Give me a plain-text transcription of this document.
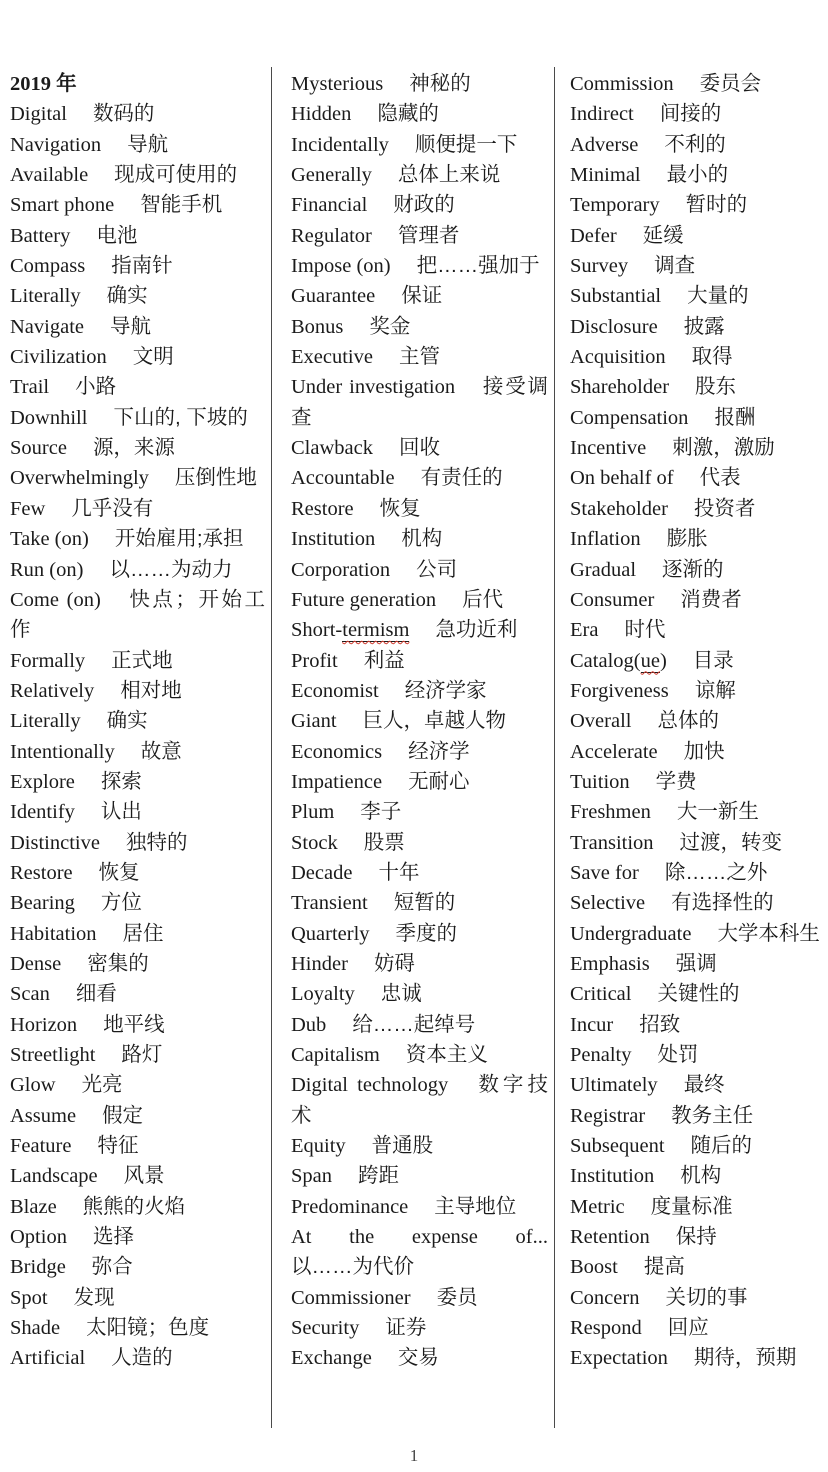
2019 年
Digital 数码的
Navigation 导航
Available 现成可使用的
Smart phone 智能手机
Battery 电池
Compass 指南针
Literally 确实
Navigate 导航
Civilization 文明
Trail 小路
Downhill 下山的, 下坡的
Source 源，来源
Overwhelmingly 压倒性地
Few 几乎没有
Take (on) 开始雇用;承担
Run (on) 以……为动力
Come (on) 快点；开始工作
Formally 正式地
Relatively 相对地
Literally 确实
Intentionally 故意
Explore 探索
Identify 认出
Distinctive 独特的
Restore 恢复
Bearing 方位
Habitation 居住
Dense 密集的
Scan 细看
Horizon 地平线
Streetlight 路灯
Glow 光亮
Assume 假定
Feature 特征
Landscape 风景
Blaze 熊熊的火焰
Option 选择
Bridge 弥合
Spot 发现
Shade 太阳镜；色度
Artificial 人造的
Mysterious 神秘的
Hidden 隐藏的
Incidentally 顺便提一下
Generally 总体上来说
Financial 财政的
Regulator 管理者
Impose (on) 把……强加于
Guarantee 保证
Bonus 奖金
Executive 主管
Under investigation 接受调查
Clawback 回收
Accountable 有责任的
Restore 恢复
Institution 机构
Corporation 公司
Future generation 后代
Short-termism 急功近利
Profit 利益
Economist 经济学家
Giant 巨人，卓越人物
Economics 经济学
Impatience 无耐心
Plum 李子
Stock 股票
Decade 十年
Transient 短暂的
Quarterly 季度的
Hinder 妨碍
Loyalty 忠诚
Dub 给……起绰号
Capitalism 资本主义
Digital technology 数字技术
Equity 普通股
Span 跨距
Predominance 主导地位
At the expense of...
以……为代价
Commissioner 委员
Security 证券
Exchange 交易
Commission 委员会
Indirect 间接的
Adverse 不利的
Minimal 最小的
Temporary 暂时的
Defer 延缓
Survey 调查
Substantial 大量的
Disclosure 披露
Acquisition 取得
Shareholder 股东
Compensation 报酬
Incentive 刺激，激励
On behalf of 代表
Stakeholder 投资者
Inflation 膨胀
Gradual 逐渐的
Consumer 消费者
Era 时代
Catalog(ue) 目录
Forgiveness 谅解
Overall 总体的
Accelerate 加快
Tuition 学费
Freshmen 大一新生
Transition 过渡，转变
Save for 除……之外
Selective 有选择性的
Undergraduate 大学本科生
Emphasis 强调
Critical 关键性的
Incur 招致
Penalty 处罚
Ultimately 最终
Registrar 教务主任
Subsequent 随后的
Institution 机构
Metric 度量标准
Retention 保持
Boost 提高
Concern 关切的事
Respond 回应
Expectation 期待，预期
1
